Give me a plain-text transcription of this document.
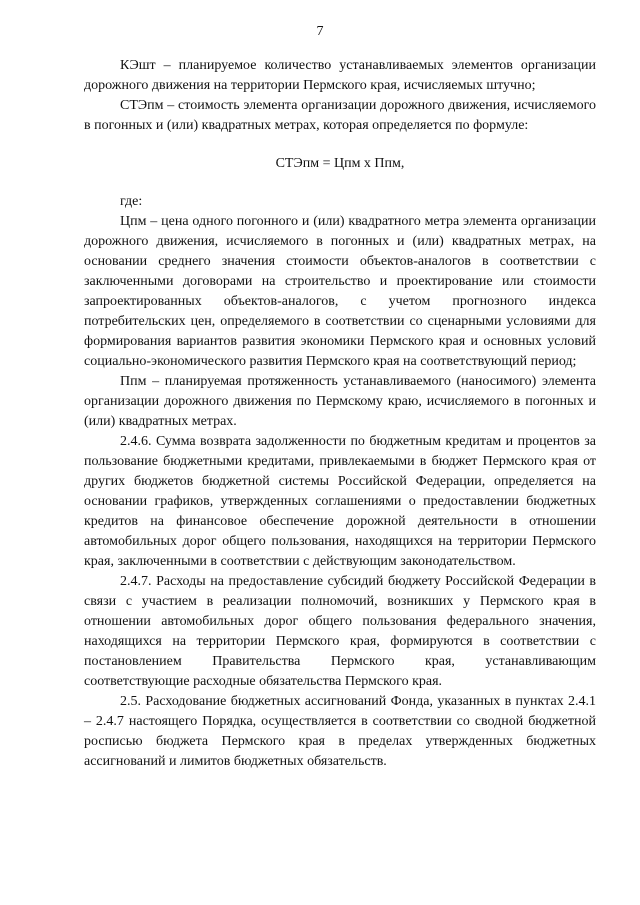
7

КЭшт – планируемое количество устанавливаемых элементов организации дорожного движения на территории Пермского края, исчисляемых штучно;

СТЭпм – стоимость элемента организации дорожного движения, исчисляемого в погонных и (или) квадратных метрах, которая определяется по формуле:

СТЭпм = Цпм х Ппм,

где:

Цпм – цена одного погонного и (или) квадратного метра элемента организации дорожного движения, исчисляемого в погонных и (или) квадратных метрах, на основании среднего значения стоимости объектов-аналогов в соответствии с заключенными договорами на строительство и проектирование или стоимости запроектированных объектов-аналогов, с учетом прогнозного индекса потребительских цен, определяемого в соответствии со сценарными условиями для формирования вариантов развития экономики Пермского края и основных условий социально-экономического развития Пермского края на соответствующий период;

Ппм – планируемая протяженность устанавливаемого (наносимого) элемента организации дорожного движения по Пермскому краю, исчисляемого в погонных и (или) квадратных метрах.

2.4.6. Сумма возврата задолженности по бюджетным кредитам и процентов за пользование бюджетными кредитами, привлекаемыми в бюджет Пермского края от других бюджетов бюджетной системы Российской Федерации, определяется на основании графиков, утвержденных соглашениями о предоставлении бюджетных кредитов на финансовое обеспечение дорожной деятельности в отношении автомобильных дорог общего пользования, находящихся на территории Пермского края, заключенными в соответствии с действующим законодательством.

2.4.7. Расходы на предоставление субсидий бюджету Российской Федерации в связи с участием в реализации полномочий, возникших у Пермского края в отношении автомобильных дорог общего пользования федерального значения, находящихся на территории Пермского края, формируются в соответствии с постановлением Правительства Пермского края, устанавливающим соответствующие расходные обязательства Пермского края.

2.5. Расходование бюджетных ассигнований Фонда, указанных в пунктах 2.4.1 – 2.4.7 настоящего Порядка, осуществляется в соответствии со сводной бюджетной росписью бюджета Пермского края в пределах утвержденных бюджетных ассигнований и лимитов бюджетных обязательств.
